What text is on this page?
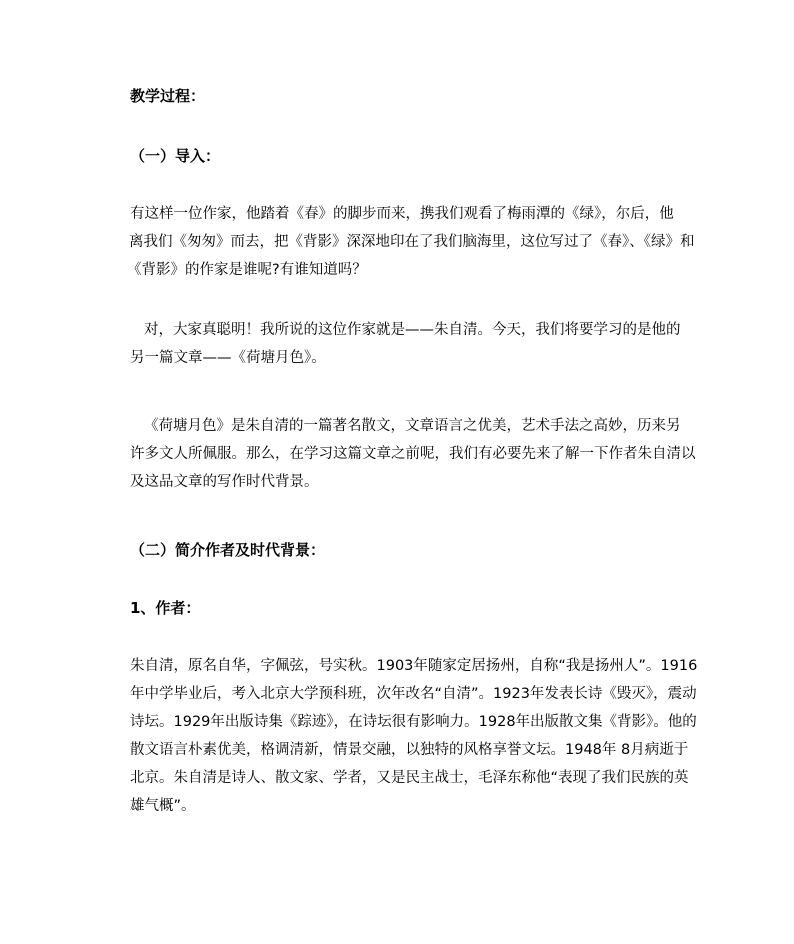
教学过程：
（一）导入：
有这样一位作家，他踏着《春》的脚步而来，携我们观看了梅雨潭的《绿》，尔后，他
离我们《匆匆》而去，把《背影》深深地印在了我们脑海里，这位写过了《春》、《绿》和
《背影》的作家是谁呢?有谁知道吗？
对，大家真聪明！我所说的这位作家就是——朱自清。今天，我们将要学习的是他的
另一篇文章——《荷塘月色》。
《荷塘月色》是朱自清的一篇著名散文，文章语言之优美，艺术手法之高妙，历来另
许多文人所佩服。那么，在学习这篇文章之前呢，我们有必要先来了解一下作者朱自清以
及这品文章的写作时代背景。
（二）简介作者及时代背景：
1、作者：
朱自清，原名自华，字佩弦，号实秋。1903年随家定居扬州，自称“我是扬州人”。1916
年中学毕业后，考入北京大学预科班，次年改名“自清”。1923年发表长诗《毁灭》，震动
诗坛。1929年出版诗集《踪迹》，在诗坛很有影响力。1928年出版散文集《背影》。他的
散文语言朴素优美，格调清新，情景交融，以独特的风格享誉文坛。1948年 8月病逝于
北京。朱自清是诗人、散文家、学者，又是民主战士，毛泽东称他“表现了我们民族的英
雄气概”。
